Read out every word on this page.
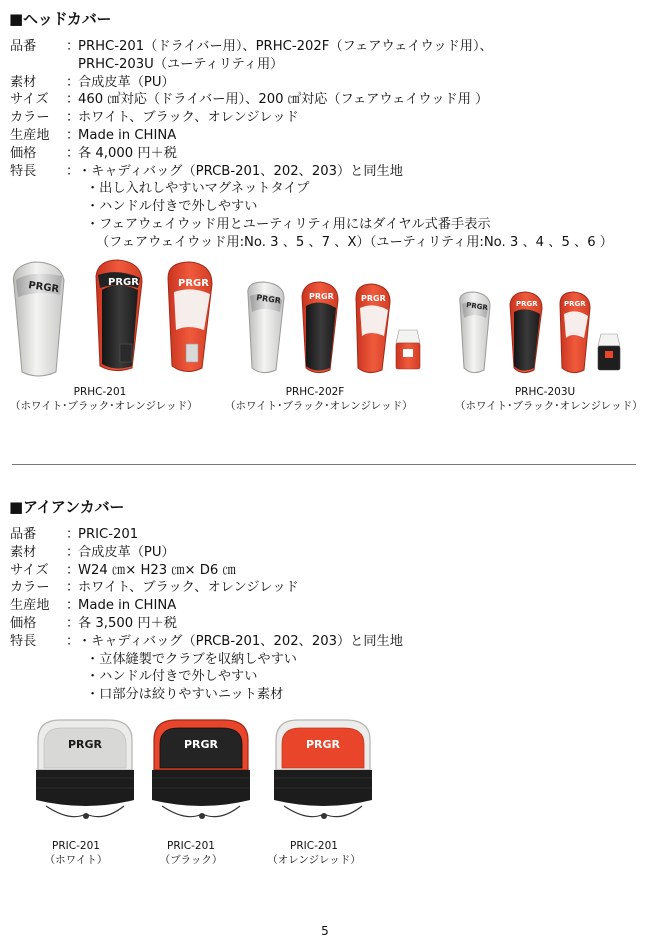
■ヘッドカバー
品番	：
PRHC-201（ドライバー用）、PRHC-202F（フェアウェイウッド用）、
PRHC-203U（ユーティリティ用）
素材	：
合成皮革（PU）
サイズ	：
460 ㎤対応（ドライバー用）、200 ㎤対応（フェアウェイウッド用 ）
カラー	：
ホワイト、ブラック、オレンジレッド
生産地	：
Made in CHINA
価格	：
各 4,000 円＋税
特長	：
・キャディバッグ（PRCB-201、202、203）と同生地
・出し入れしやすいマグネットタイプ
・ハンドル付きで外しやすい
・フェアウェイウッド用とユーティリティ用にはダイヤル式番手表示
（フェアウェイウッド用:No. 3 、5 、7 、X）（ユーティリティ用:No. 3 、4 、5 、6 ）
PRGR	PRGR	PRGR
PRGR	PRGR	PRGR
PRGR	PRGR	PRGR
PRHC-201
（ホワイト･ブラック･オレンジレッド）
PRHC-202F
（ホワイト･ブラック･オレンジレッド）
PRHC-203U
（ホワイト･ブラック･オレンジレッド）
■アイアンカバー
品番	：
PRIC-201
素材	：
合成皮革（PU）
サイズ	：
W24 ㎝× H23 ㎝× D6 ㎝
カラー	：
ホワイト、ブラック、オレンジレッド
生産地	：
Made in CHINA
価格	：
各 3,500 円＋税
特長	：
・キャディバッグ（PRCB-201、202、203）と同生地
・立体縫製でクラブを収納しやすい
・ハンドル付きで外しやすい
・口部分は絞りやすいニット素材
PRGR	PRGR	PRGR
PRIC-201
（ホワイト）
PRIC-201
（ブラック）
PRIC-201
（オレンジレッド）
5
